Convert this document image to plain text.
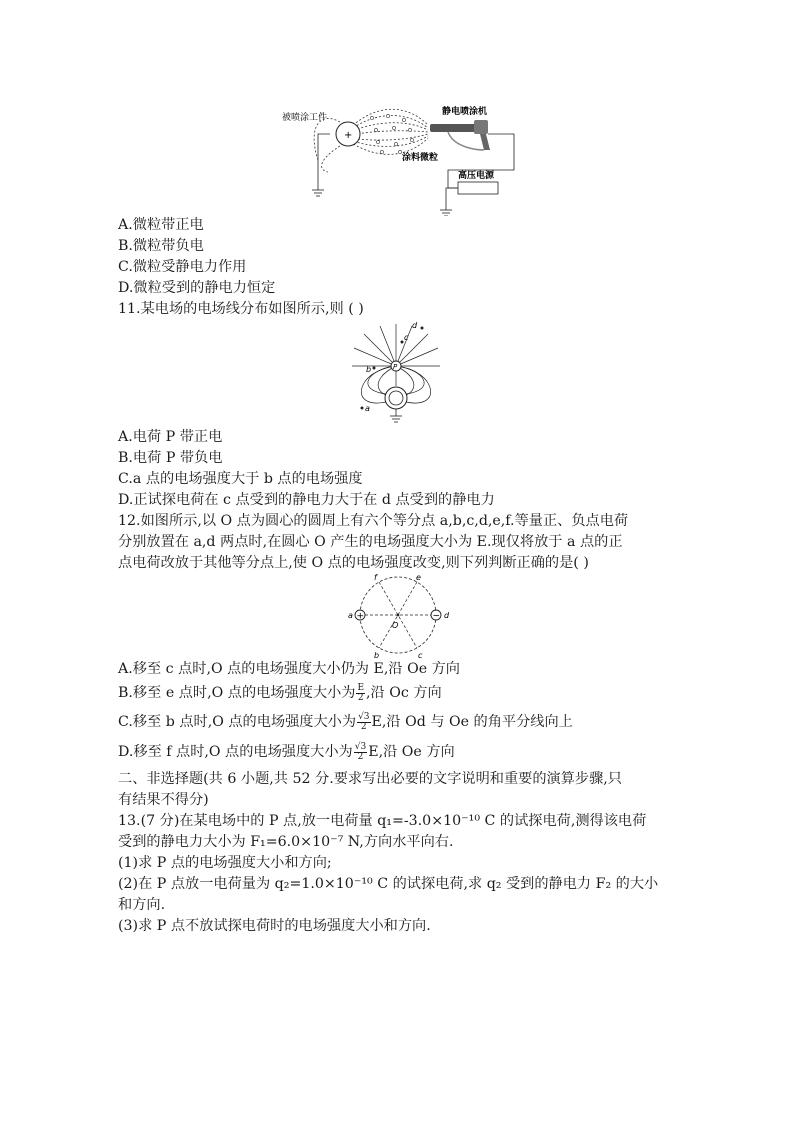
被喷涂工件
静电喷涂机
涂料微粒
高压电源
+
A.微粒带正电
B.微粒带负电
C.微粒受静电力作用
D.微粒受到的静电力恒定
11.某电场的电场线分布如图所示,则 ( )
P
a
b
c
d
A.电荷 P 带正电
B.电荷 P 带负电
C.a 点的电场强度大于 b 点的电场强度
D.正试探电荷在 c 点受到的静电力大于在 d 点受到的静电力
12.如图所示,以 O 点为圆心的圆周上有六个等分点 a,b,c,d,e,f.等量正、负点电荷
分别放置在 a,d 两点时,在圆心 O 产生的电场强度大小为 E.现仅将放于 a 点的正
点电荷改放于其他等分点上,使 O 点的电场强度改变,则下列判断正确的是( )
+	−
a	d
f	e
b	c
O
A.移至 c 点时,O 点的电场强度大小仍为 E,沿 Oe 方向
B.移至 e 点时,O 点的电场强度大小为 $\frac{E}{2}$ ,沿 Oc 方向
C.移至 b 点时,O 点的电场强度大小为 $\frac{√3}{2} E$,沿 Od 与 Oe 的角平分线向上
D.移至 f 点时,O 点的电场强度大小为 $\frac{√3}{2} E$,沿 Oe 方向
二、非选择题(共 6 小题,共 52 分.要求写出必要的文字说明和重要的演算步骤,只
有结果不得分)
13.(7 分)在某电场中的 P 点,放一电荷量 q₁=-3.0×10⁻¹⁰ C 的试探电荷,测得该电荷
受到的静电力大小为 F₁=6.0×10⁻⁷ N,方向水平向右.
(1)求 P 点的电场强度大小和方向;
(2)在 P 点放一电荷量为 q₂=1.0×10⁻¹⁰ C 的试探电荷,求 q₂ 受到的静电力 F₂ 的大小
和方向.
(3)求 P 点不放试探电荷时的电场强度大小和方向.
